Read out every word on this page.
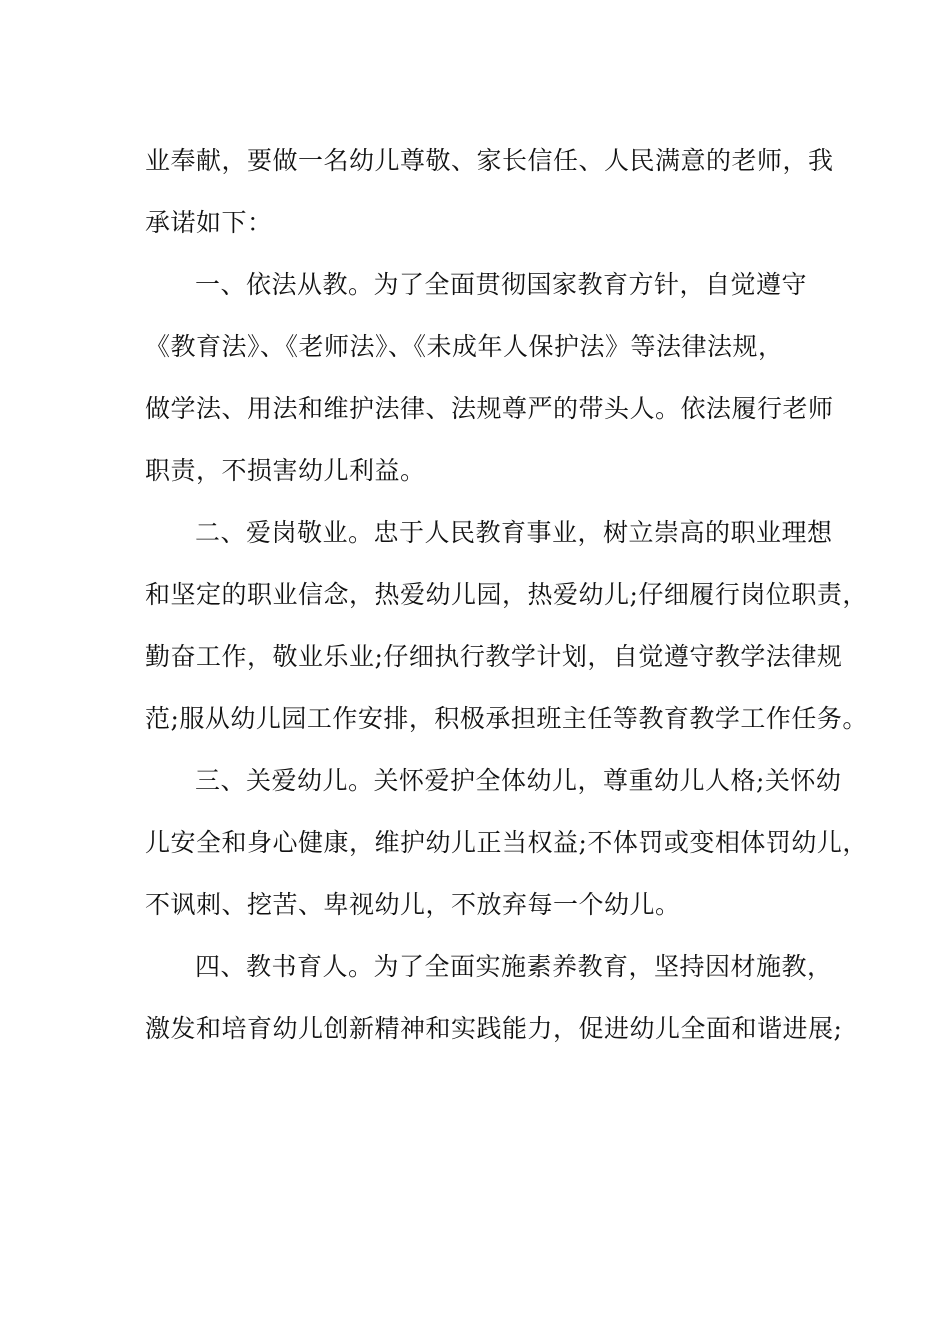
业奉献，要做一名幼儿尊敬、家长信任、人民满意的老师，我
承诺如下：
一、依法从教。为了全面贯彻国家教育方针，自觉遵守
《教育法》、《老师法》、《未成年人保护法》等法律法规，
做学法、用法和维护法律、法规尊严的带头人。依法履行老师
职责，不损害幼儿利益。
二、爱岗敬业。忠于人民教育事业，树立崇高的职业理想
和坚定的职业信念，热爱幼儿园，热爱幼儿;仔细履行岗位职责，
勤奋工作，敬业乐业;仔细执行教学计划，自觉遵守教学法律规
范;服从幼儿园工作安排，积极承担班主任等教育教学工作任务。
三、关爱幼儿。关怀爱护全体幼儿，尊重幼儿人格;关怀幼
儿安全和身心健康，维护幼儿正当权益;不体罚或变相体罚幼儿，
不讽刺、挖苦、卑视幼儿，不放弃每一个幼儿。
四、教书育人。为了全面实施素养教育，坚持因材施教，
激发和培育幼儿创新精神和实践能力，促进幼儿全面和谐进展;
